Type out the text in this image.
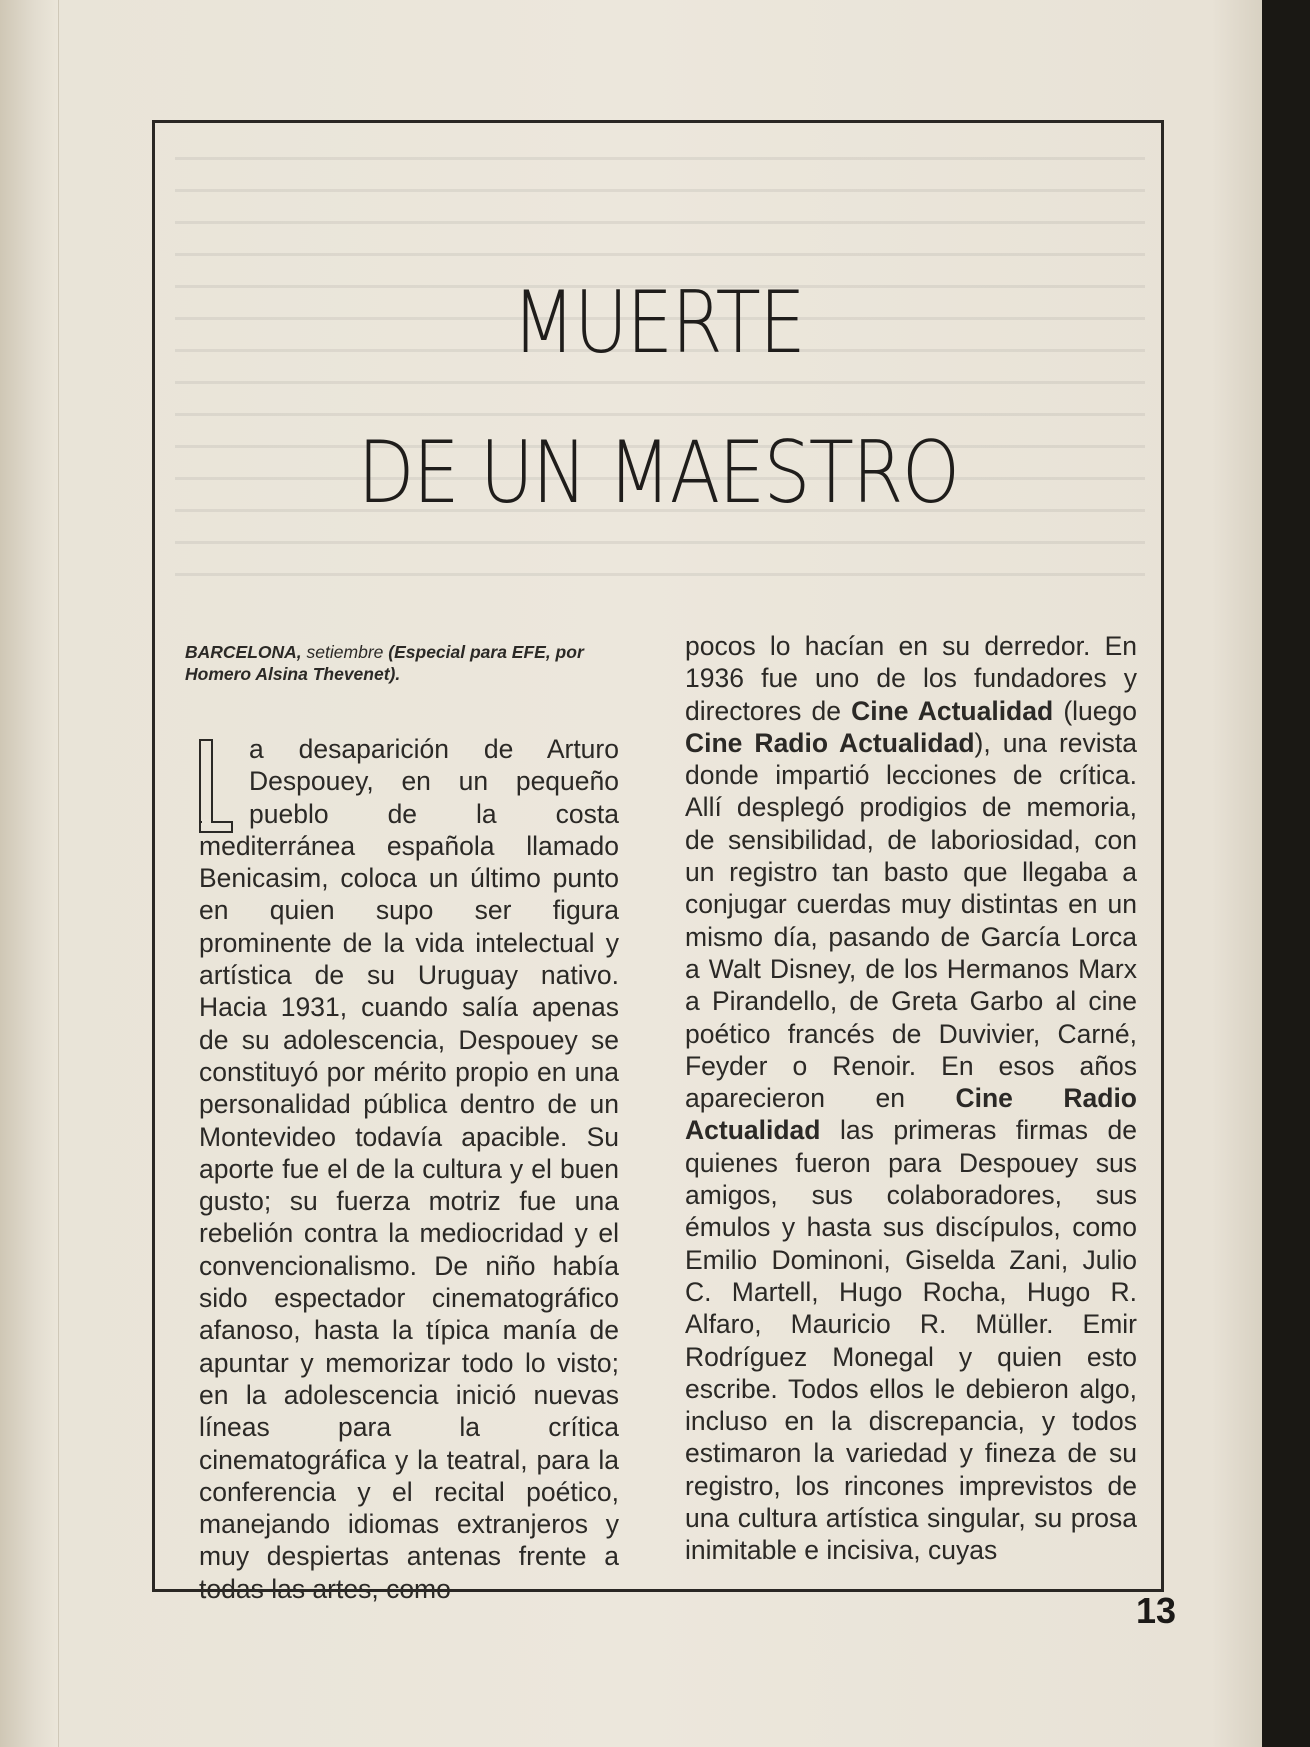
MUERTE
DE UN MAESTRO
BARCELONA, setiembre (Especial para EFE, por Homero Alsina Thevenet).
a desaparición de Arturo Despouey, en un pequeño pueblo de la costa mediterránea española llamado Benicasim, coloca un último punto en quien supo ser figura prominente de la vida intelectual y artística de su Uruguay nativo. Hacia 1931, cuando salía apenas de su adolescencia, Despouey se constituyó por mérito propio en una personalidad pública dentro de un Montevideo todavía apacible. Su aporte fue el de la cultura y el buen gusto; su fuerza motriz fue una rebelión contra la mediocridad y el convencionalismo. De niño había sido espectador cinematográfico afanoso, hasta la típica manía de apuntar y memorizar todo lo visto; en la adolescencia inició nuevas líneas para la crítica cinematográfica y la teatral, para la conferencia y el recital poético, manejando idiomas extranjeros y muy despiertas antenas frente a todas las artes, como
pocos lo hacían en su derredor. En 1936 fue uno de los fundadores y directores de Cine Actualidad (luego Cine Radio Actualidad), una revista donde impartió lecciones de crítica. Allí desplegó prodigios de memoria, de sensibilidad, de laboriosidad, con un registro tan basto que llegaba a conjugar cuerdas muy distintas en un mismo día, pasando de García Lorca a Walt Disney, de los Hermanos Marx a Pirandello, de Greta Garbo al cine poético francés de Duvivier, Carné, Feyder o Renoir. En esos años aparecieron en Cine Radio Actualidad las primeras firmas de quienes fueron para Despouey sus amigos, sus colaboradores, sus émulos y hasta sus discípulos, como Emilio Dominoni, Giselda Zani, Julio C. Martell, Hugo Rocha, Hugo R. Alfaro, Mauricio R. Müller. Emir Rodríguez Monegal y quien esto escribe. Todos ellos le debieron algo, incluso en la discrepancia, y todos estimaron la variedad y fineza de su registro, los rincones imprevistos de una cultura artística singular, su prosa inimitable e incisiva, cuyas
13
